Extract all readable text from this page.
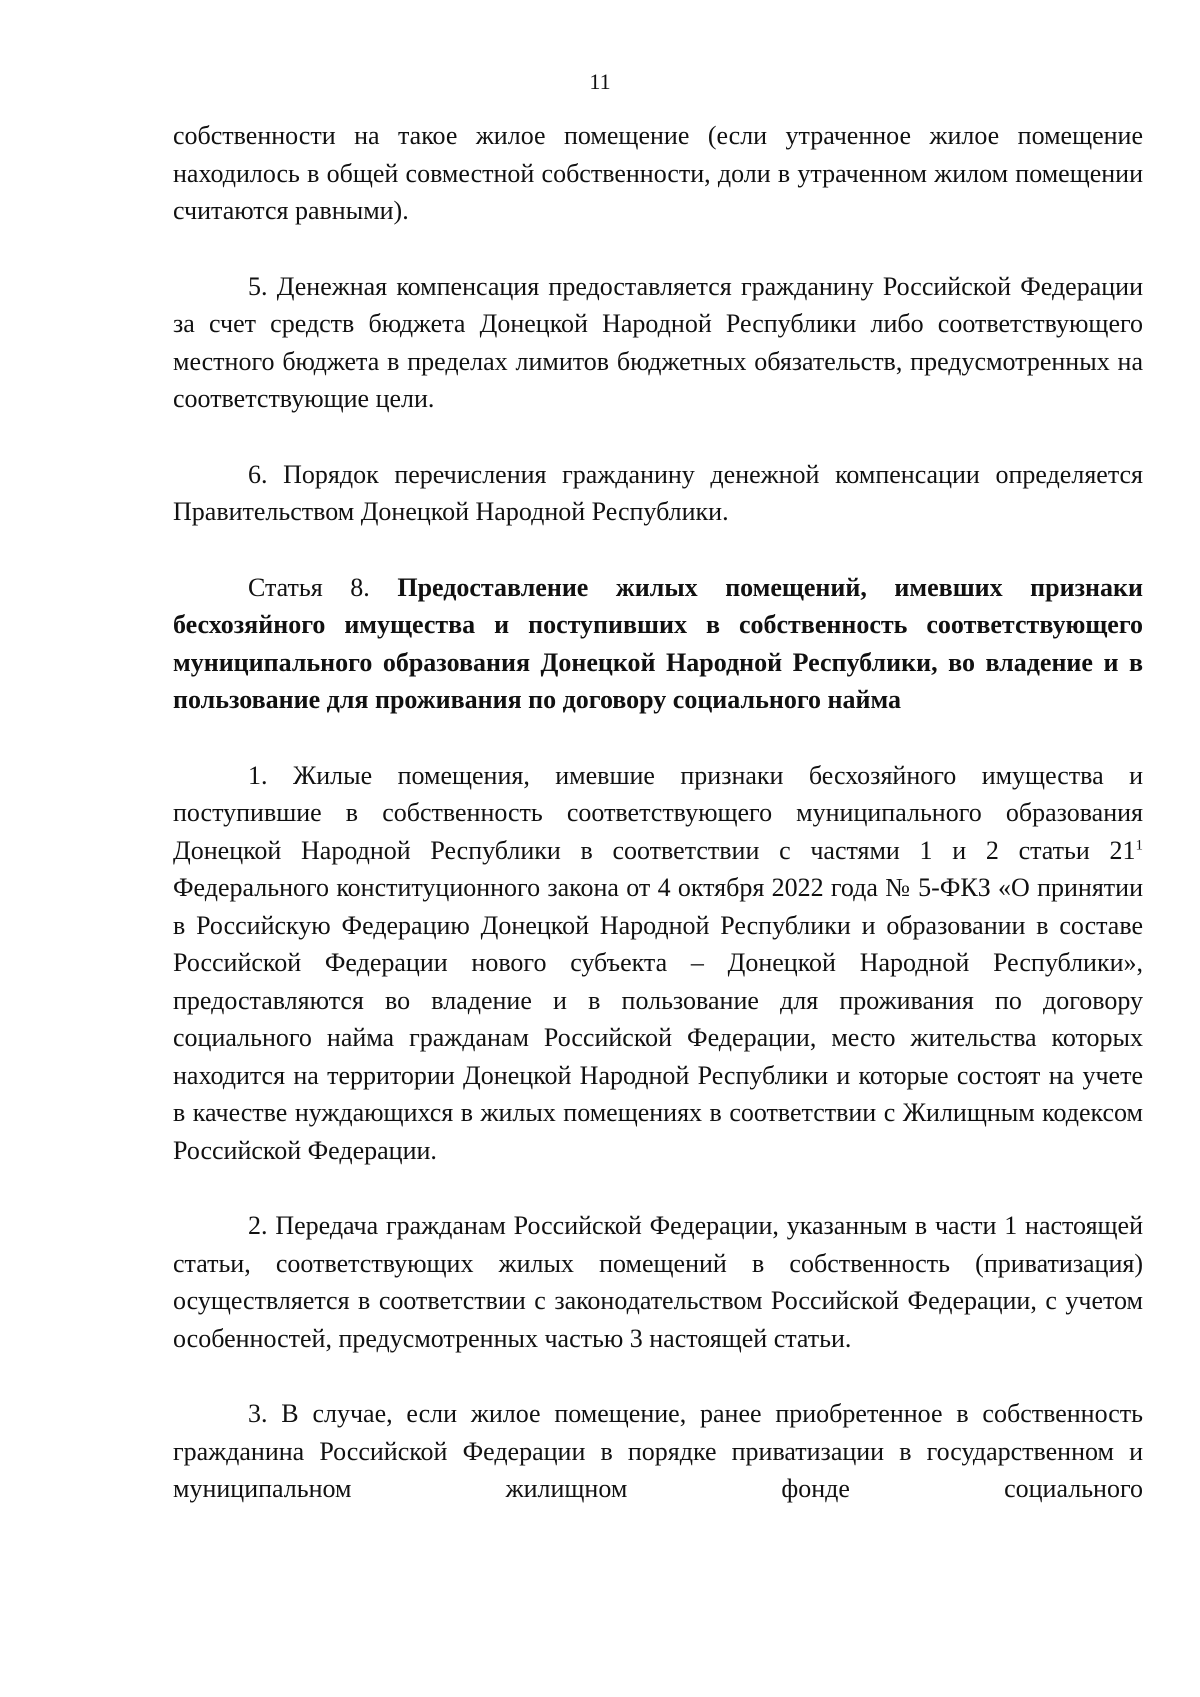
11

собственности на такое жилое помещение (если утраченное жилое помещение находилось в общей совместной собственности, доли в утраченном жилом помещении считаются равными).

5. Денежная компенсация предоставляется гражданину Российской Федерации за счет средств бюджета Донецкой Народной Республики либо соответствующего местного бюджета в пределах лимитов бюджетных обязательств, предусмотренных на соответствующие цели.

6. Порядок перечисления гражданину денежной компенсации определяется Правительством Донецкой Народной Республики.

Статья 8. Предоставление жилых помещений, имевших признаки бесхозяйного имущества и поступивших в собственность соответствующего муниципального образования Донецкой Народной Республики, во владение и в пользование для проживания по договору социального найма

1. Жилые помещения, имевшие признаки бесхозяйного имущества и поступившие в собственность соответствующего муниципального образования Донецкой Народной Республики в соответствии с частями 1 и 2 статьи $21^1$ Федерального конституционного закона от 4 октября 2022 года № 5-ФКЗ «О принятии в Российскую Федерацию Донецкой Народной Республики и образовании в составе Российской Федерации нового субъекта – Донецкой Народной Республики», предоставляются во владение и в пользование для проживания по договору социального найма гражданам Российской Федерации, место жительства которых находится на территории Донецкой Народной Республики и которые состоят на учете в качестве нуждающихся в жилых помещениях в соответствии с Жилищным кодексом Российской Федерации.

2. Передача гражданам Российской Федерации, указанным в части 1 настоящей статьи, соответствующих жилых помещений в собственность (приватизация) осуществляется в соответствии с законодательством Российской Федерации, с учетом особенностей, предусмотренных частью 3 настоящей статьи.

3. В случае, если жилое помещение, ранее приобретенное в собственность гражданина Российской Федерации в порядке приватизации в государственном и муниципальном жилищном фонде социального
